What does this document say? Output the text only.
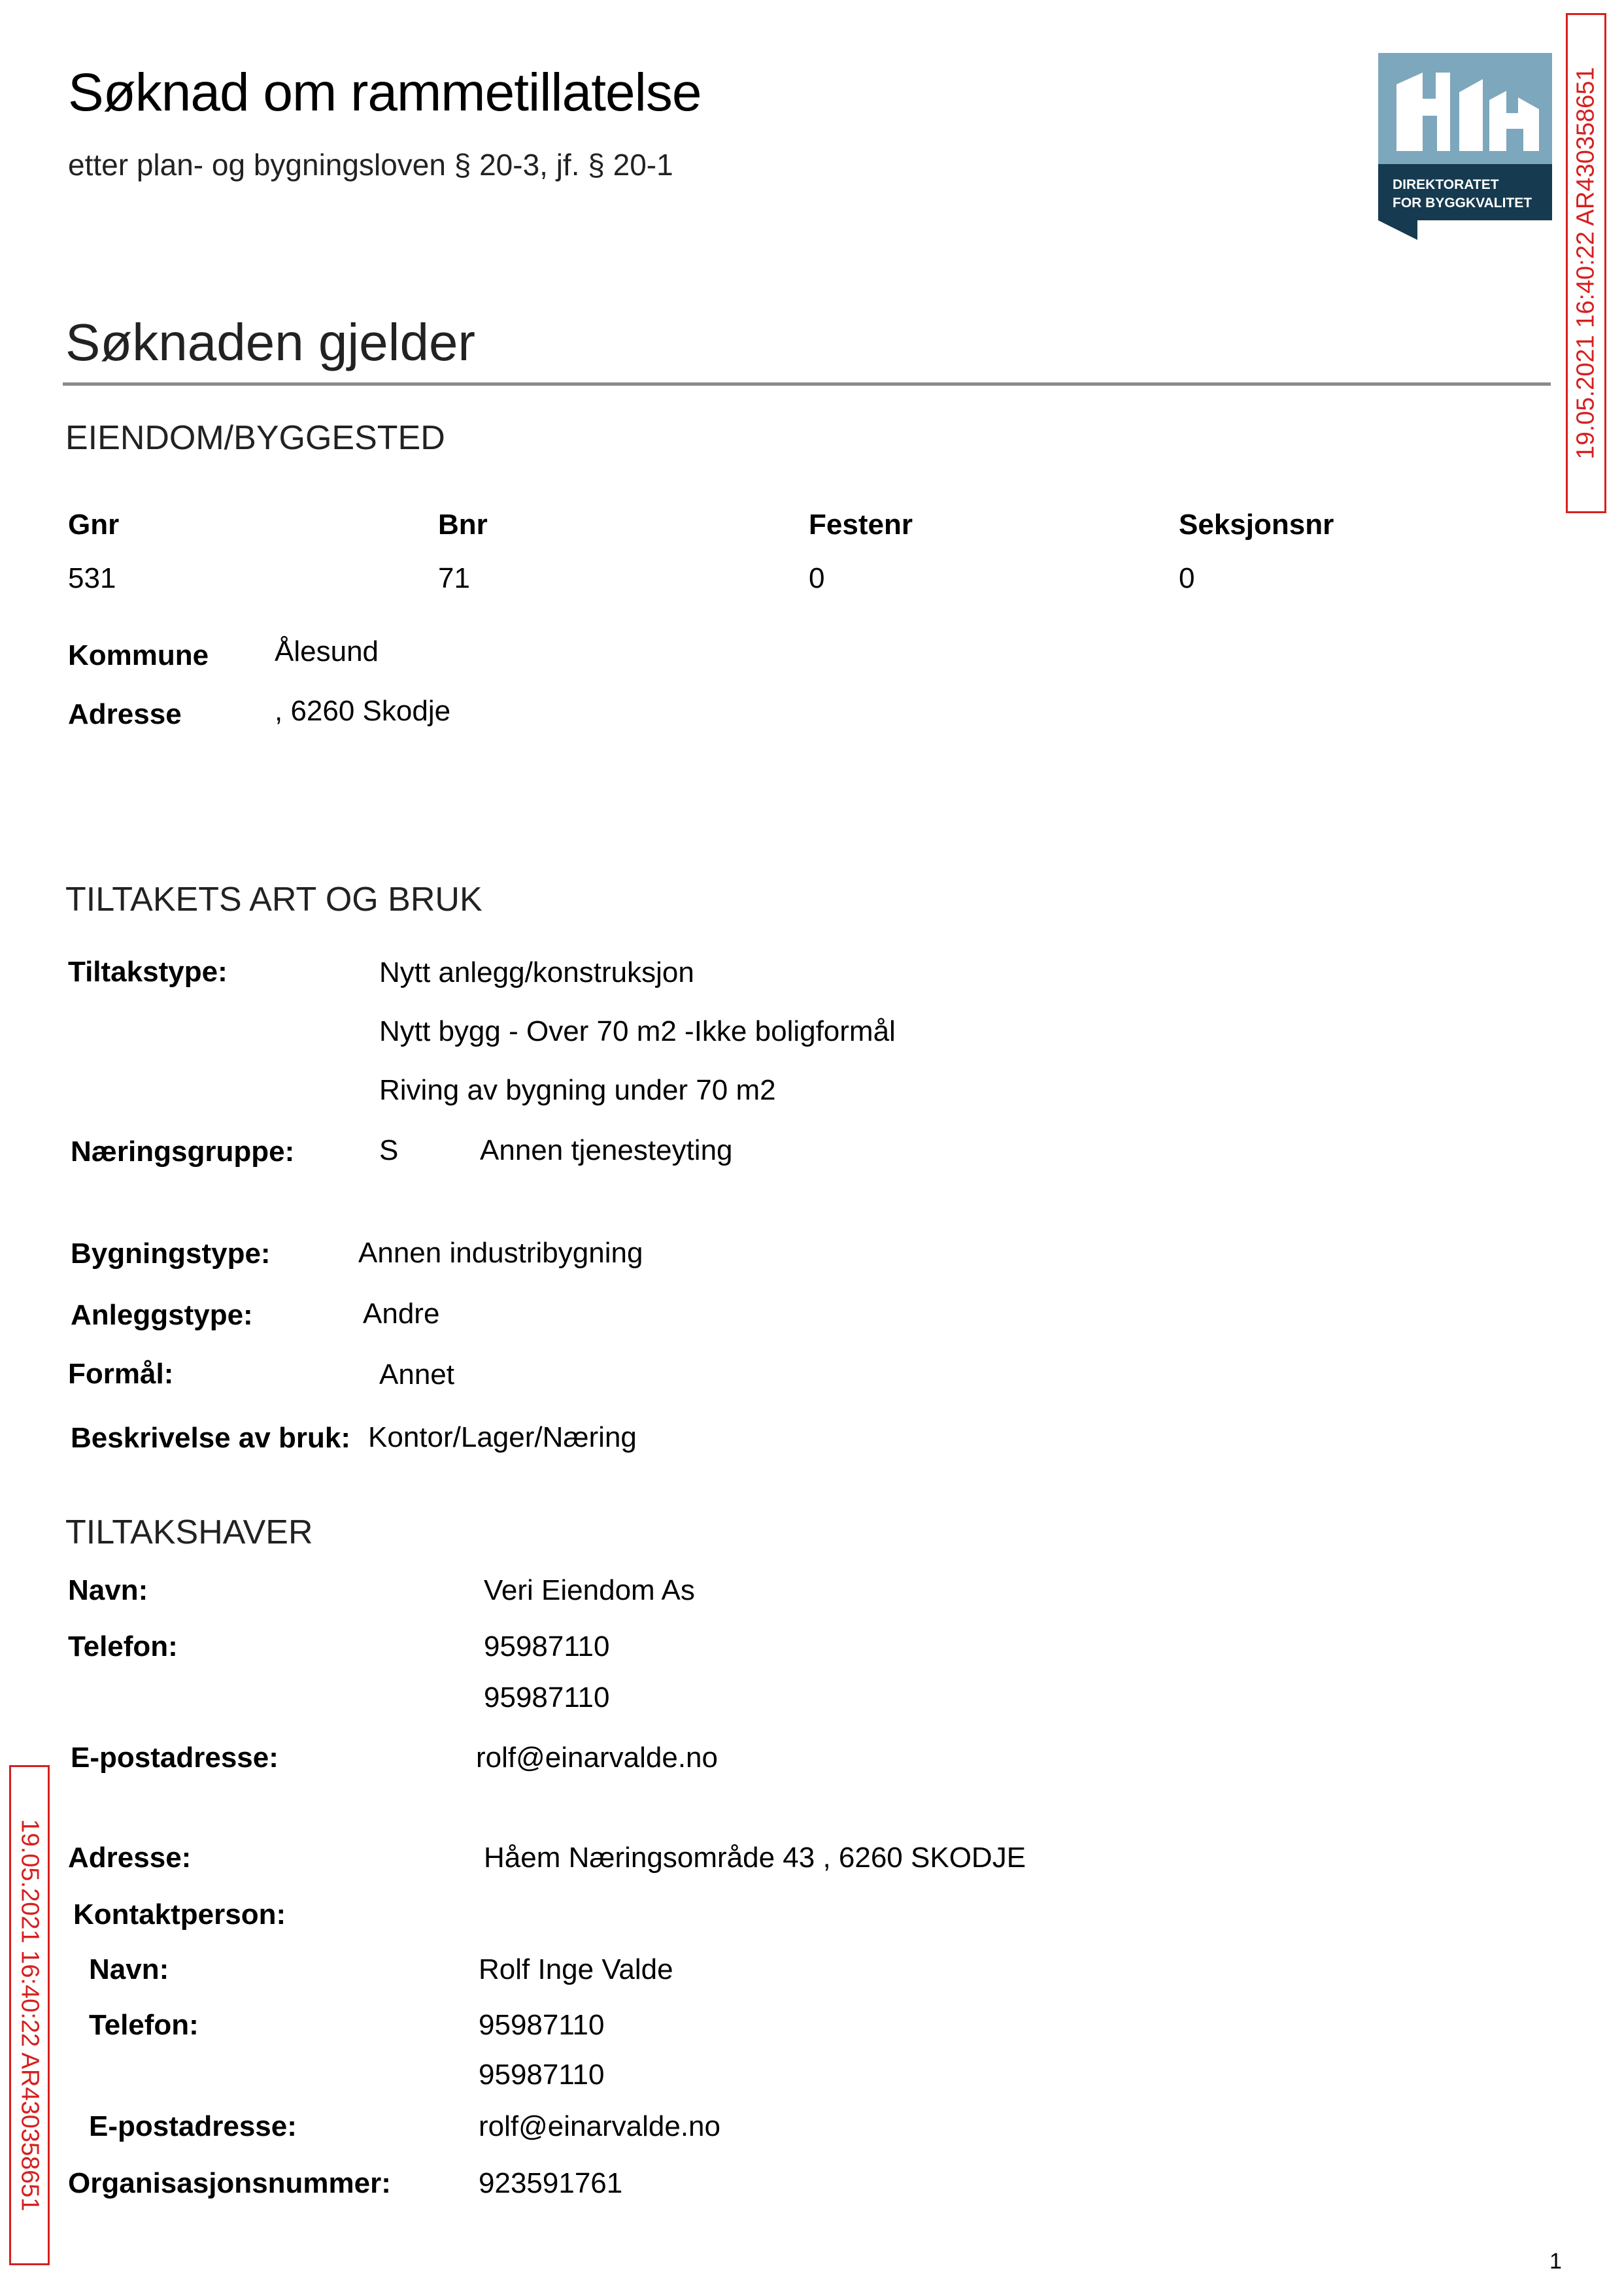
Søknad om rammetillatelse
etter plan- og bygningsloven § 20-3, jf. § 20-1
DIREKTORATET
FOR BYGGKVALITET 19.05.2021 16:40:22 AR430358651
19.05.2021 16:40:22 AR430358651
Søknaden gjelder
EIENDOM/BYGGESTED
Gnr	Bnr	Festenr	Seksjonsnr
531	71	0	0
Kommune Ålesund
Adresse	, 6260 Skodje
TILTAKETS ART OG BRUK
Tiltakstype:	Nytt anlegg/konstruksjon
Nytt bygg - Over 70 m2 -Ikke boligformål
Riving av bygning under 70 m2
Næringsgruppe:	S	Annen tjenesteyting
Bygningstype:	Annen industribygning
Anleggstype:	Andre
Formål:	Annet
Beskrivelse av bruk: Kontor/Lager/Næring
TILTAKSHAVER
Navn:	Veri Eiendom As
Telefon:	95987110
95987110
E-postadresse:	rolf@einarvalde.no
Adresse:	Håem Næringsområde 43 , 6260 SKODJE
Kontaktperson:
Navn:	Rolf Inge Valde
Telefon:	95987110
95987110
E-postadresse:	rolf@einarvalde.no
Organisasjonsnummer:	923591761
1
